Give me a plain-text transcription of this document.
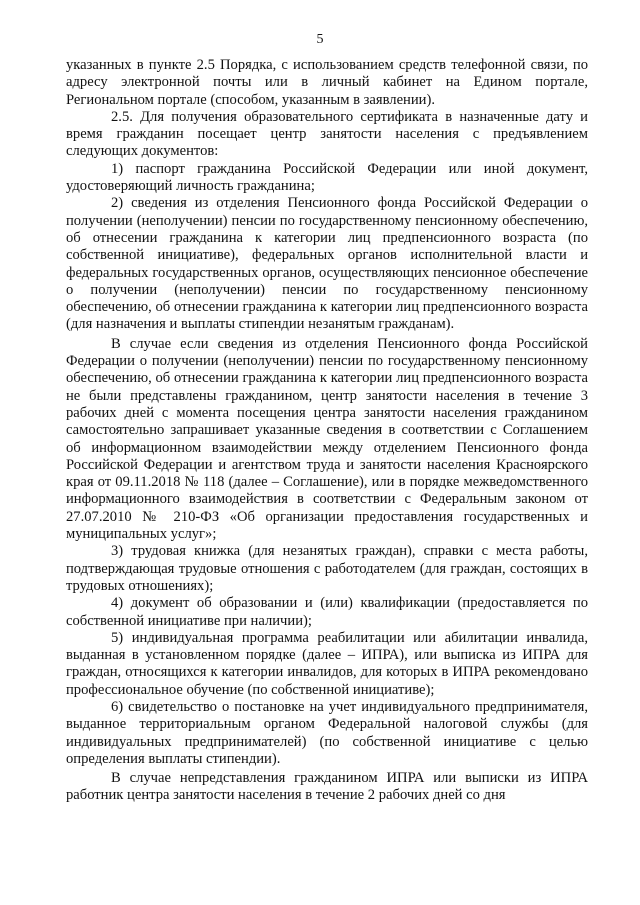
5

указанных в пункте 2.5 Порядка, с использованием средств телефонной связи, по адресу электронной почты или в личный кабинет на Едином портале, Региональном портале (способом, указанным в заявлении).

2.5. Для получения образовательного сертификата в назначенные дату и время гражданин посещает центр занятости населения с предъявлением следующих документов:

1) паспорт гражданина Российской Федерации или иной документ, удостоверяющий личность гражданина;

2) сведения из отделения Пенсионного фонда Российской Федерации о получении (неполучении) пенсии по государственному пенсионному обеспечению, об отнесении гражданина к категории лиц предпенсионного возраста (по собственной инициативе), федеральных органов исполнительной власти и федеральных государственных органов, осуществляющих пенсионное обеспечение о получении (неполучении) пенсии по государственному пенсионному обеспечению, об отнесении гражданина к категории лиц предпенсионного возраста (для назначения и выплаты стипендии незанятым гражданам).

В случае если сведения из отделения Пенсионного фонда Российской Федерации о получении (неполучении) пенсии по государственному пенсионному обеспечению, об отнесении гражданина к категории лиц предпенсионного возраста не были представлены гражданином, центр занятости населения в течение 3 рабочих дней с момента посещения центра занятости населения гражданином самостоятельно запрашивает указанные сведения в соответствии с Соглашением об информационном взаимодействии между отделением Пенсионного фонда Российской Федерации и агентством труда и занятости населения Красноярского края от 09.11.2018 № 118 (далее – Соглашение), или в порядке межведомственного информационного взаимодействия в соответствии с Федеральным законом от 27.07.2010 № 210-ФЗ «Об организации предоставления государственных и муниципальных услуг»;

3) трудовая книжка (для незанятых граждан), справки с места работы, подтверждающая трудовые отношения с работодателем (для граждан, состоящих в трудовых отношениях);

4) документ об образовании и (или) квалификации (предоставляется по собственной инициативе при наличии);

5) индивидуальная программа реабилитации или абилитации инвалида, выданная в установленном порядке (далее – ИПРА), или выписка из ИПРА для граждан, относящихся к категории инвалидов, для которых в ИПРА рекомендовано профессиональное обучение (по собственной инициативе);

6) свидетельство о постановке на учет индивидуального предпринимателя, выданное территориальным органом Федеральной налоговой службы (для индивидуальных предпринимателей) (по собственной инициативе с целью определения выплаты стипендии).

В случае непредставления гражданином ИПРА или выписки из ИПРА работник центра занятости населения в течение 2 рабочих дней со дня
